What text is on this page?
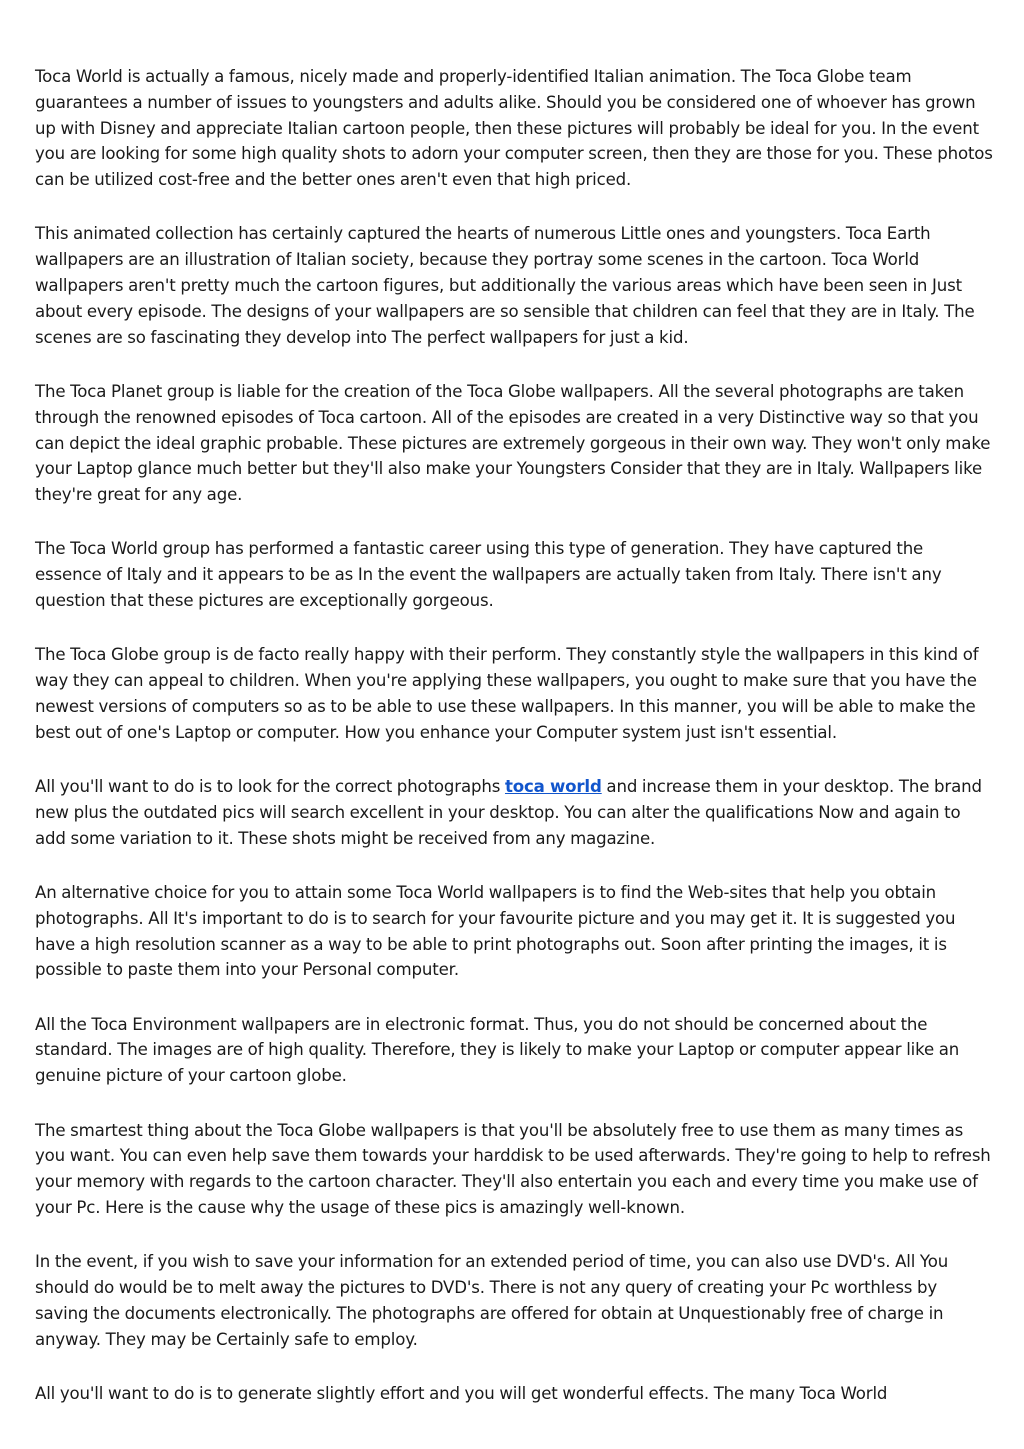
Toca World is actually a famous, nicely made and properly-identified Italian animation. The Toca Globe team guarantees a number of issues to youngsters and adults alike. Should you be considered one of whoever has grown up with Disney and appreciate Italian cartoon people, then these pictures will probably be ideal for you. In the event you are looking for some high quality shots to adorn your computer screen, then they are those for you. These photos can be utilized cost-free and the better ones aren't even that high priced.

This animated collection has certainly captured the hearts of numerous Little ones and youngsters. Toca Earth wallpapers are an illustration of Italian society, because they portray some scenes in the cartoon. Toca World wallpapers aren't pretty much the cartoon figures, but additionally the various areas which have been seen in Just about every episode. The designs of your wallpapers are so sensible that children can feel that they are in Italy. The scenes are so fascinating they develop into The perfect wallpapers for just a kid.

The Toca Planet group is liable for the creation of the Toca Globe wallpapers. All the several photographs are taken through the renowned episodes of Toca cartoon. All of the episodes are created in a very Distinctive way so that you can depict the ideal graphic probable. These pictures are extremely gorgeous in their own way. They won't only make your Laptop glance much better but they'll also make your Youngsters Consider that they are in Italy. Wallpapers like they're great for any age.

The Toca World group has performed a fantastic career using this type of generation. They have captured the essence of Italy and it appears to be as In the event the wallpapers are actually taken from Italy. There isn't any question that these pictures are exceptionally gorgeous.

The Toca Globe group is de facto really happy with their perform. They constantly style the wallpapers in this kind of way they can appeal to children. When you're applying these wallpapers, you ought to make sure that you have the newest versions of computers so as to be able to use these wallpapers. In this manner, you will be able to make the best out of one's Laptop or computer. How you enhance your Computer system just isn't essential.

All you'll want to do is to look for the correct photographs toca world and increase them in your desktop. The brand new plus the outdated pics will search excellent in your desktop. You can alter the qualifications Now and again to add some variation to it. These shots might be received from any magazine.

An alternative choice for you to attain some Toca World wallpapers is to find the Web-sites that help you obtain photographs. All It's important to do is to search for your favourite picture and you may get it. It is suggested you have a high resolution scanner as a way to be able to print photographs out. Soon after printing the images, it is possible to paste them into your Personal computer.

All the Toca Environment wallpapers are in electronic format. Thus, you do not should be concerned about the standard. The images are of high quality. Therefore, they is likely to make your Laptop or computer appear like an genuine picture of your cartoon globe.

The smartest thing about the Toca Globe wallpapers is that you'll be absolutely free to use them as many times as you want. You can even help save them towards your harddisk to be used afterwards. They're going to help to refresh your memory with regards to the cartoon character. They'll also entertain you each and every time you make use of your Pc. Here is the cause why the usage of these pics is amazingly well-known.

In the event, if you wish to save your information for an extended period of time, you can also use DVD's. All You should do would be to melt away the pictures to DVD's. There is not any query of creating your Pc worthless by saving the documents electronically. The photographs are offered for obtain at Unquestionably free of charge in anyway. They may be Certainly safe to employ.

All you'll want to do is to generate slightly effort and you will get wonderful effects. The many Toca World
